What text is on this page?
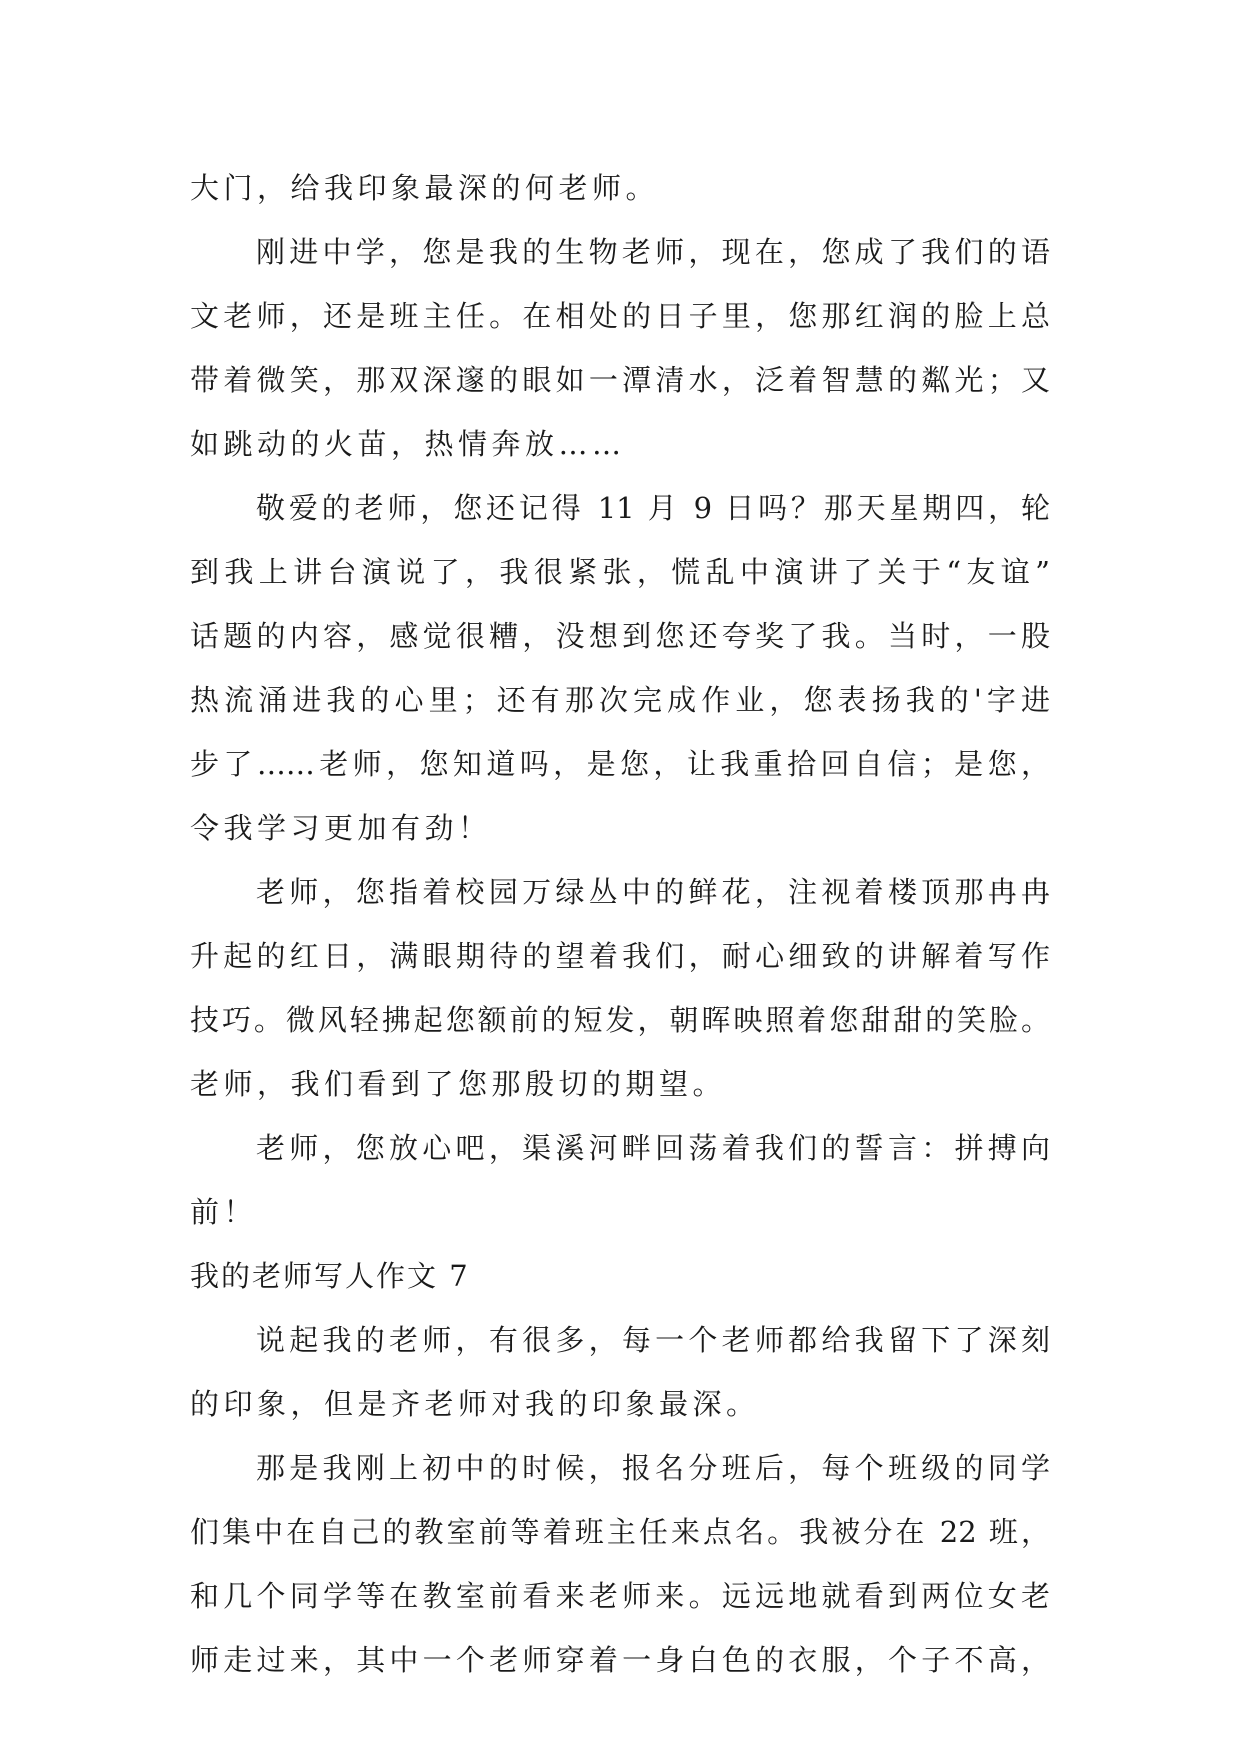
大门，给我印象最深的何老师。
刚进中学，您是我的生物老师，现在，您成了我们的语
文老师，还是班主任。在相处的日子里，您那红润的脸上总
带着微笑，那双深邃的眼如一潭清水，泛着智慧的粼光；又
如跳动的火苗，热情奔放……
敬爱的老师，您还记得 11 月 9 日吗？那天星期四，轮
到我上讲台演说了，我很紧张，慌乱中演讲了关于“友谊”
话题的内容，感觉很糟，没想到您还夸奖了我。当时，一股
热流涌进我的心里；还有那次完成作业，您表扬我的'字进
步了……老师，您知道吗，是您，让我重拾回自信；是您，
令我学习更加有劲！
老师，您指着校园万绿丛中的鲜花，注视着楼顶那冉冉
升起的红日，满眼期待的望着我们，耐心细致的讲解着写作
技巧。微风轻拂起您额前的短发，朝晖映照着您甜甜的笑脸。
老师，我们看到了您那殷切的期望。
老师，您放心吧，渠溪河畔回荡着我们的誓言：拼搏向
前！
我的老师写人作文 7
说起我的老师，有很多，每一个老师都给我留下了深刻
的印象，但是齐老师对我的印象最深。
那是我刚上初中的时候，报名分班后，每个班级的同学
们集中在自己的教室前等着班主任来点名。我被分在 22 班，
和几个同学等在教室前看来老师来。远远地就看到两位女老
师走过来，其中一个老师穿着一身白色的衣服，个子不高，
